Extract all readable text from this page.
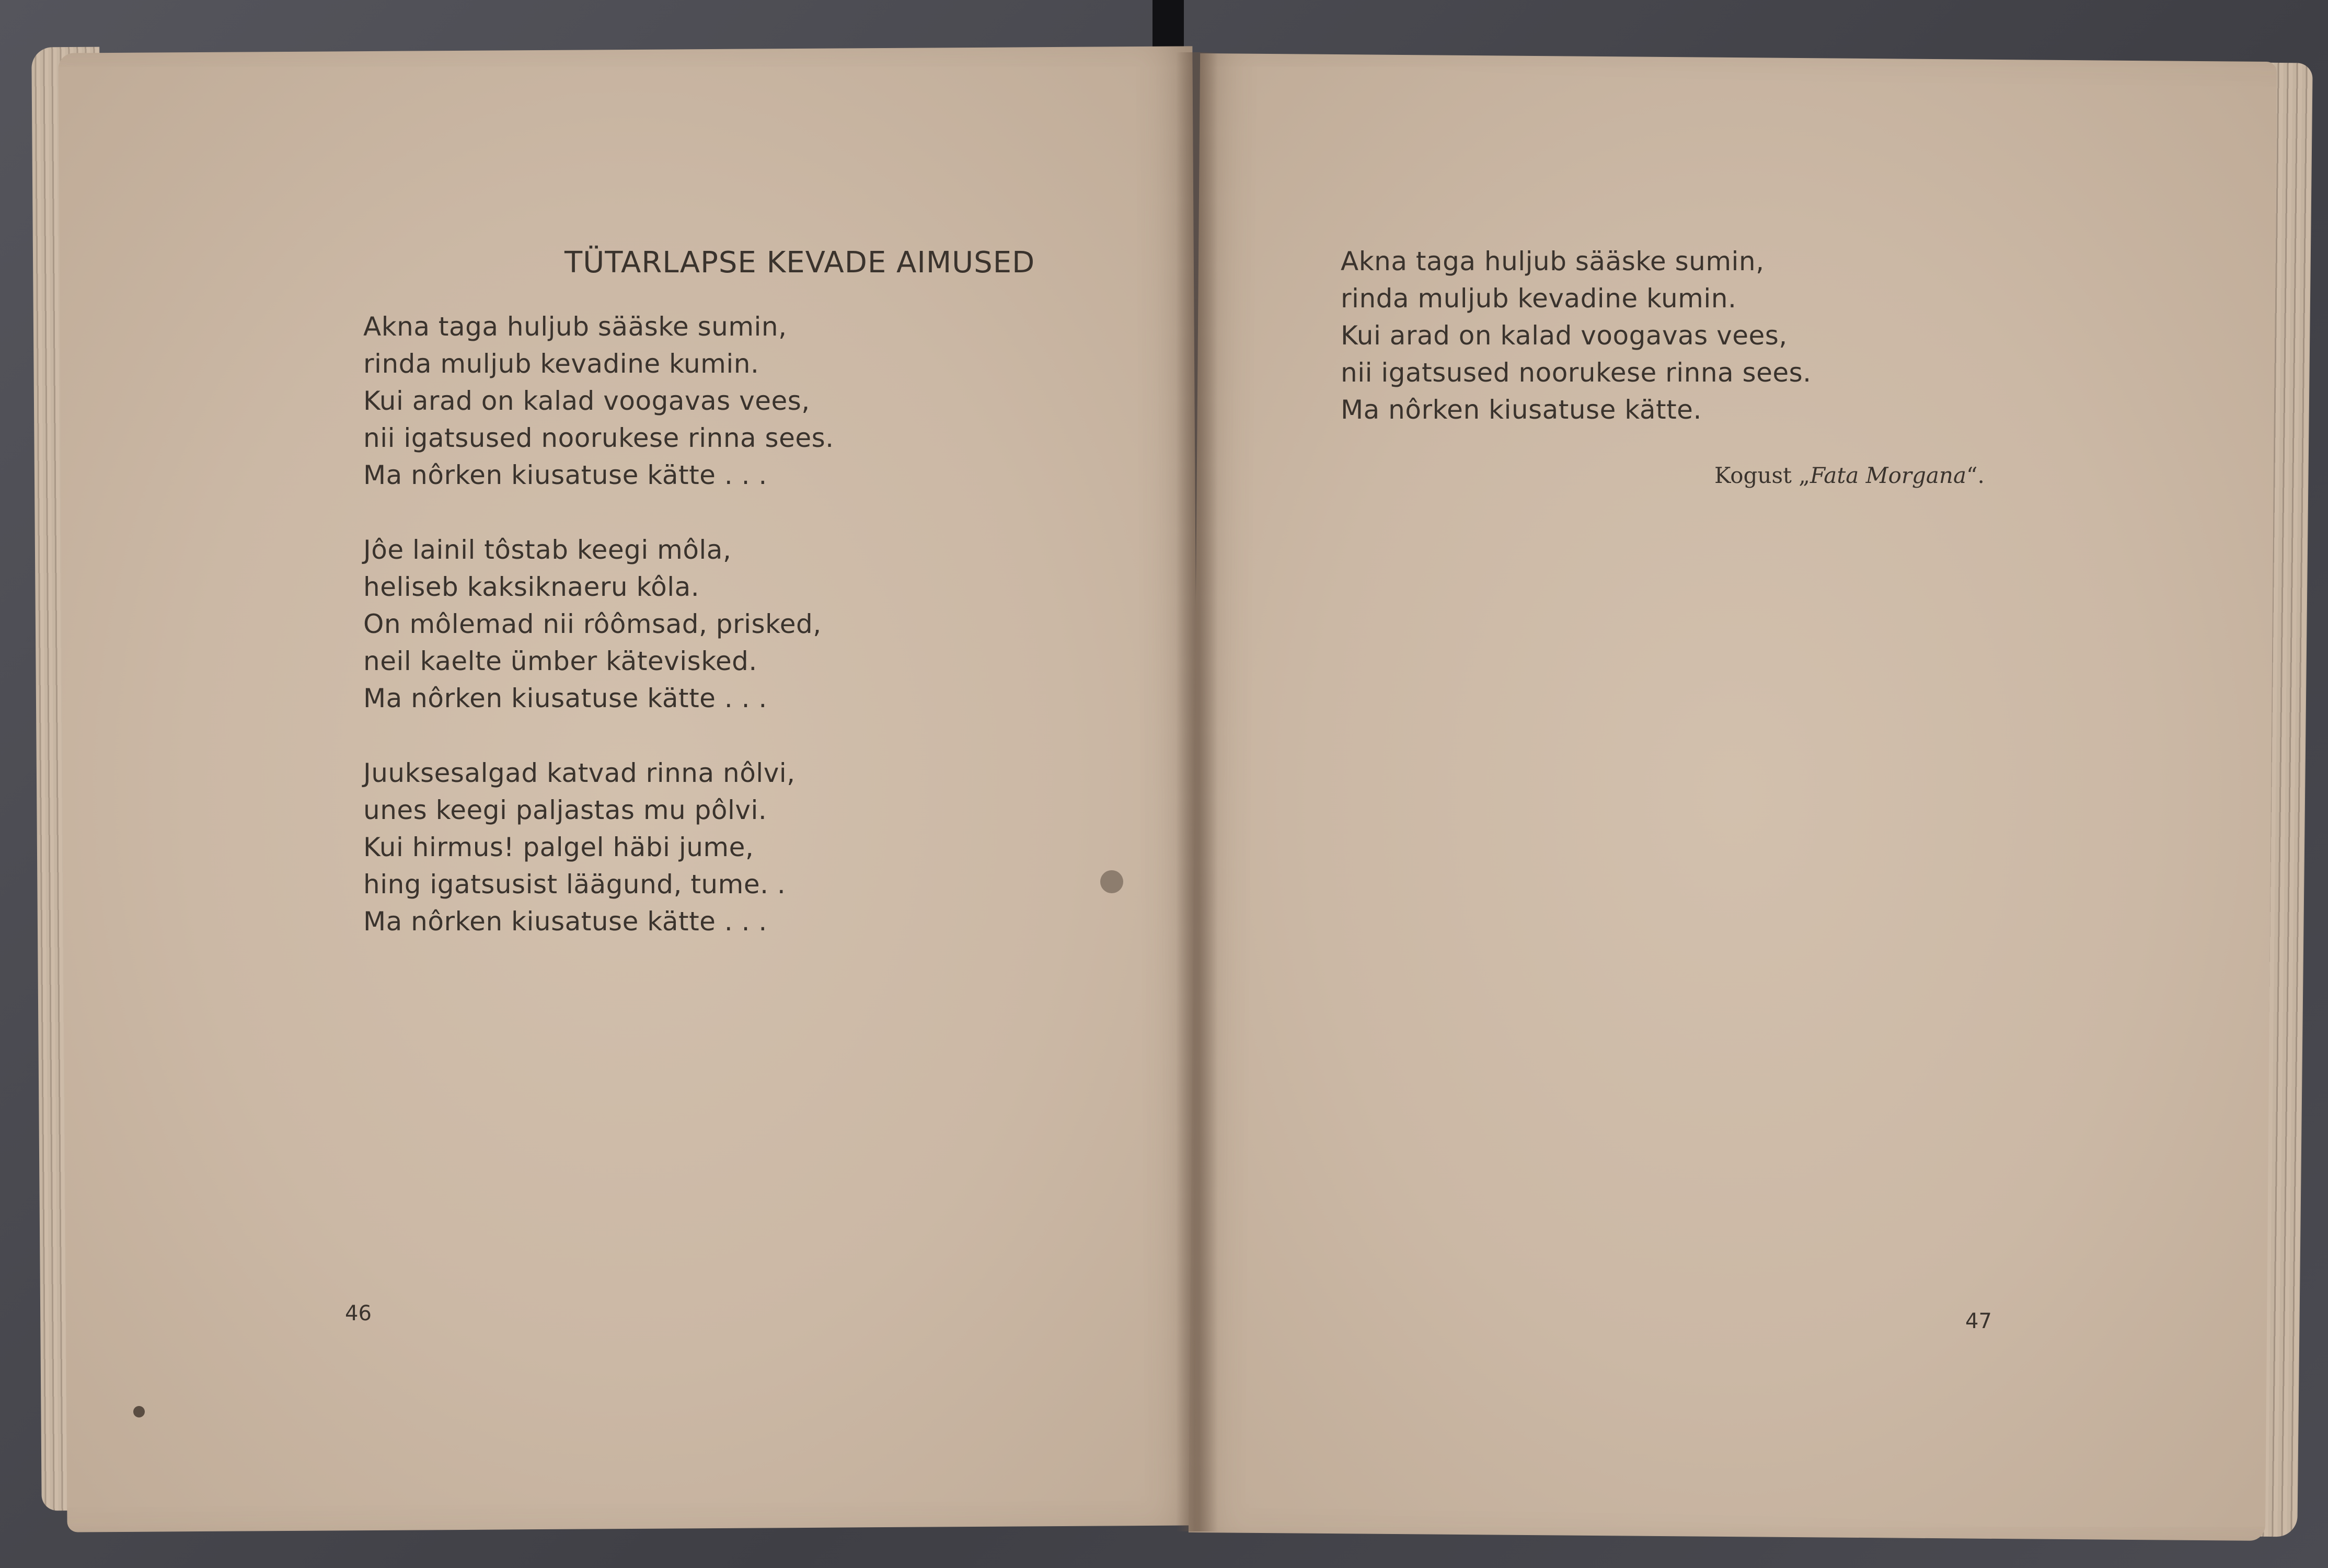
TÜTARLAPSE KEVADE AIMUSED
Akna taga huljub sääske sumin,
rinda muljub kevadine kumin.
Kui arad on kalad voogavas vees,
nii igatsused noorukese rinna sees.
Ma nôrken kiusatuse kätte . . .
Jôe lainil tôstab keegi môla,
heliseb kaksiknaeru kôla.
On môlemad nii rôômsad, prisked,
neil kaelte ümber kätevisked.
Ma nôrken kiusatuse kätte . . .
Juuksesalgad katvad rinna nôlvi,
unes keegi paljastas mu pôlvi.
Kui hirmus! palgel häbi jume,
hing igatsusist läägund, tume. .
Ma nôrken kiusatuse kätte . . .
46
Akna taga huljub sääske sumin,
rinda muljub kevadine kumin.
Kui arad on kalad voogavas vees,
nii igatsused noorukese rinna sees.
Ma nôrken kiusatuse kätte.
Kogust „Fata Morgana“.
47
